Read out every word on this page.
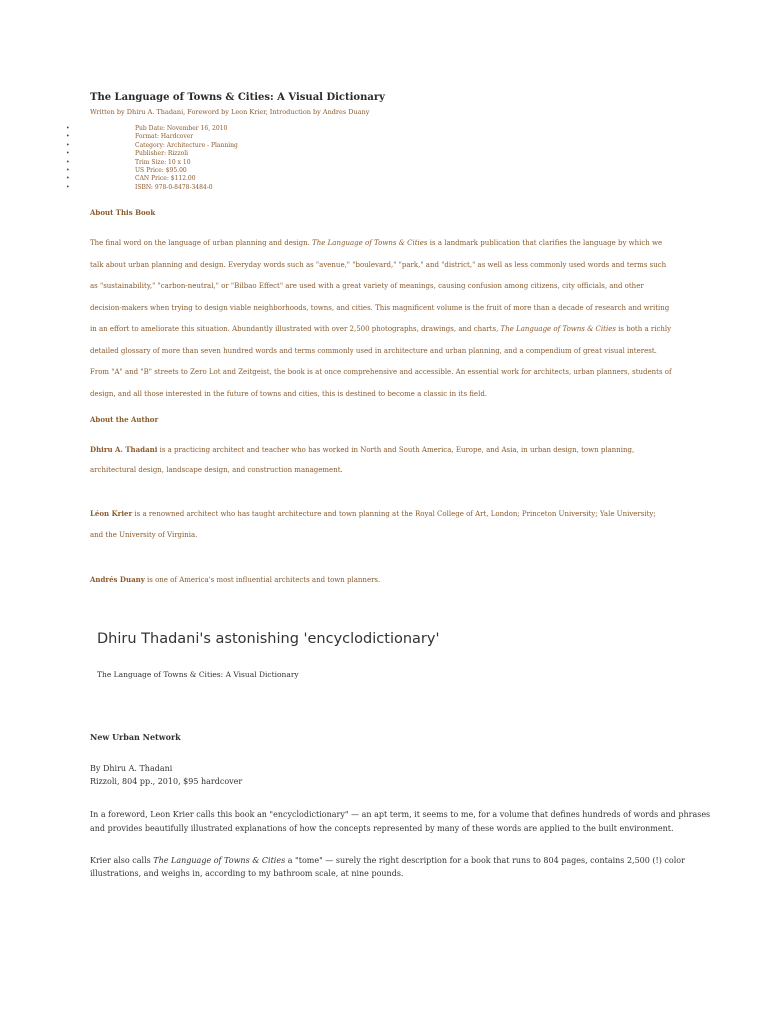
The Language of Towns & Cities: A Visual Dictionary
Written by Dhiru A. Thadani, Foreword by Leon Krier, Introduction by Andres Duany
•	Pub Date: November 16, 2010
•	Format: Hardcover
•	Category: Architecture - Planning
•	Publisher: Rizzoli
•	Trim Size: 10 x 10
•	US Price: $95.00
•	CAN Price: $112.00
•	ISBN: 978-0-8478-3484-0
About This Book
The final word on the language of urban planning and design. The Language of Towns & Cities is a landmark publication that clarifies the language by which we
talk about urban planning and design. Everyday words such as "avenue," "boulevard," "park," and "district," as well as less commonly used words and terms such
as "sustainability," "carbon-neutral," or "Bilbao Effect" are used with a great variety of meanings, causing confusion among citizens, city officials, and other
decision-makers when trying to design viable neighborhoods, towns, and cities. This magnificent volume is the fruit of more than a decade of research and writing
in an effort to ameliorate this situation. Abundantly illustrated with over 2,500 photographs, drawings, and charts, The Language of Towns & Cities is both a richly
detailed glossary of more than seven hundred words and terms commonly used in architecture and urban planning, and a compendium of great visual interest.
From "A" and "B" streets to Zero Lot and Zeitgeist, the book is at once comprehensive and accessible. An essential work for architects, urban planners, students of
design, and all those interested in the future of towns and cities, this is destined to become a classic in its field.
About the Author
Dhiru A. Thadani is a practicing architect and teacher who has worked in North and South America, Europe, and Asia, in urban design, town planning,
architectural design, landscape design, and construction management.
Léon Krier is a renowned architect who has taught architecture and town planning at the Royal College of Art, London; Princeton University; Yale University;
and the University of Virginia.
Andrés Duany is one of America's most influential architects and town planners.
Dhiru Thadani's astonishing 'encyclodictionary'
The Language of Towns & Cities: A Visual Dictionary
New Urban Network
By Dhiru A. Thadani
Rizzoli, 804 pp., 2010, $95 hardcover
In a foreword, Leon Krier calls this book an "encyclodictionary" — an apt term, it seems to me, for a volume that defines hundreds of words and phrases
and provides beautifully illustrated explanations of how the concepts represented by many of these words are applied to the built environment.
Krier also calls The Language of Towns & Cities a "tome" — surely the right description for a book that runs to 804 pages, contains 2,500 (!) color
illustrations, and weighs in, according to my bathroom scale, at nine pounds.
